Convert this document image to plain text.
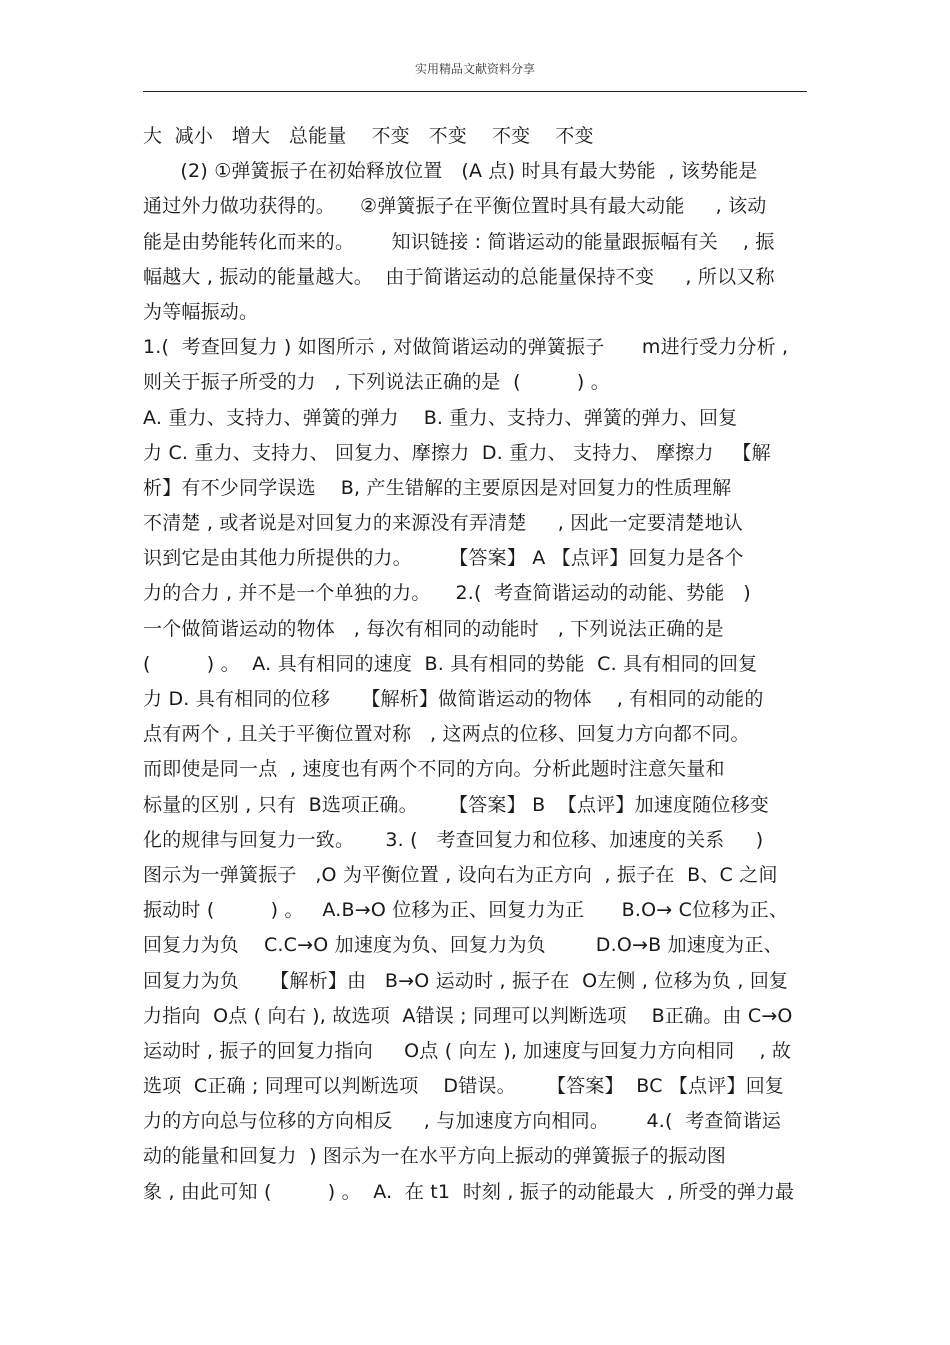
实用精品文献资料分享
大  减小   增大   总能量    不变   不变    不变    不变
(2) ①弹簧振子在初始释放位置   (A 点) 时具有最大势能  , 该势能是
通过外力做功获得的。    ②弹簧振子在平衡位置时具有最大动能     , 该动
能是由势能转化而来的。      知识链接 : 简谐运动的能量跟振幅有关    , 振
幅越大 , 振动的能量越大。  由于简谐运动的总能量保持不变     , 所以又称
为等幅振动。
1.(  考查回复力 ) 如图所示 , 对做简谐运动的弹簧振子      m进行受力分析 ,
则关于振子所受的力   , 下列说法正确的是  (         ) 。
A. 重力、支持力、弹簧的弹力    B. 重力、支持力、弹簧的弹力、回复
力 C. 重力、支持力、 回复力、摩擦力  D. 重力、 支持力、 摩擦力   【解
析】有不少同学误选    B, 产生错解的主要原因是对回复力的性质理解
不清楚 , 或者说是对回复力的来源没有弄清楚     , 因此一定要清楚地认
识到它是由其他力所提供的力。      【答案】 A 【点评】回复力是各个
力的合力 , 并不是一个单独的力。    2.(  考查简谐运动的动能、势能   )
一个做简谐运动的物体   , 每次有相同的动能时   , 下列说法正确的是
(         ) 。  A. 具有相同的速度  B. 具有相同的势能  C. 具有相同的回复
力 D. 具有相同的位移     【解析】做简谐运动的物体    , 有相同的动能的
点有两个 , 且关于平衡位置对称   , 这两点的位移、回复力方向都不同。
而即使是同一点  , 速度也有两个不同的方向。分析此题时注意矢量和
标量的区别 , 只有  B选项正确。     【答案】 B  【点评】加速度随位移变
化的规律与回复力一致。     3. (   考查回复力和位移、加速度的关系     )
图示为一弹簧振子   ,O 为平衡位置 , 设向右为正方向  , 振子在  B、C 之间
振动时 (         ) 。   A.B→O 位移为正、回复力为正      B.O→ C位移为正、
回复力为负    C.C→O 加速度为负、回复力为负        D.O→B 加速度为正、
回复力为负     【解析】由   B→O 运动时 , 振子在  O左侧 , 位移为负 , 回复
力指向  O点 ( 向右 ), 故选项  A错误 ; 同理可以判断选项    B正确。由 C→O
运动时 , 振子的回复力指向     O点 ( 向左 ), 加速度与回复力方向相同    , 故
选项  C正确 ; 同理可以判断选项    D错误。     【答案】  BC 【点评】回复
力的方向总与位移的方向相反     , 与加速度方向相同。      4.(  考查简谐运
动的能量和回复力  ) 图示为一在水平方向上振动的弹簧振子的振动图
象 , 由此可知 (         ) 。  A.  在 t1  时刻 , 振子的动能最大  , 所受的弹力最
